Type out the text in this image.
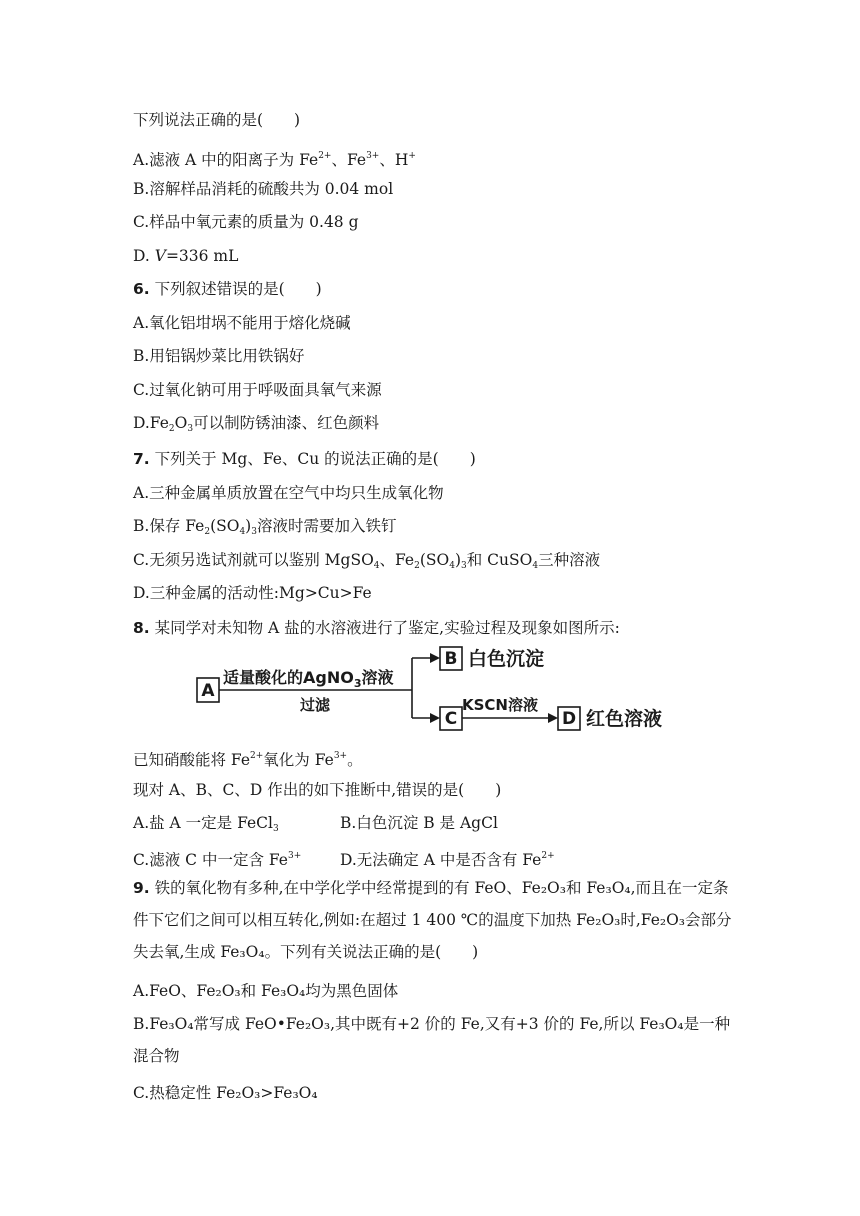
下列说法正确的是(　　)
A.滤液 A 中的阳离子为 $Fe^{2+}$、$Fe^{3+}$、H+
B.溶解样品消耗的硫酸共为 0.04 mol
C.样品中氧元素的质量为 0.48 g
D. V=336 mL
6. 下列叙述错误的是(　　)
A.氧化铝坩埚不能用于熔化烧碱
B.用铝锅炒菜比用铁锅好
C.过氧化钠可用于呼吸面具氧气来源
$D.Fe_2O_3$可以制防锈油漆、红色颜料
7. 下列关于 Mg、Fe、Cu 的说法正确的是(　　)
A.三种金属单质放置在空气中均只生成氧化物
B.保存 $Fe_2(SO_4)_3$溶液时需要加入铁钉
C.无须另选试剂就可以鉴别 MgSO$_4$、$Fe_2(SO_4)_3$和 CuSO$_4$三种溶液
D.三种金属的活动性:Mg>Cu>Fe
8. 某同学对未知物 A 盐的水溶液进行了鉴定,实验过程及现象如图所示:
A
适量酸化的AgNO$_3$溶液
过滤
B 白色沉淀
C
KSCN溶液
D 红色溶液
已知硝酸能将 $Fe^{2+}$氧化为 $Fe^{3+}$。
现对 A、B、C、D 作出的如下推断中,错误的是(　　)
A.盐 A 一定是 FeCl$_3$	B.白色沉淀 B 是 AgCl
C.滤液 C 中一定含 $Fe^{3+}$	D.无法确定 A 中是否含有 $Fe^{2+}$
9. 铁的氧化物有多种,在中学化学中经常提到的有 FeO、Fe₂O₃和 Fe₃O₄,而且在一定条件下它们之间可以相互转化,例如:在超过 1 400 ℃的温度下加热 Fe₂O₃时,Fe₂O₃会部分失去氧,生成 Fe₃O₄。下列有关说法正确的是(　　)
A.FeO、Fe₂O₃和 Fe₃O₄均为黑色固体
B.Fe₃O₄常写成 FeO•Fe₂O₃,其中既有+2 价的 Fe,又有+3 价的 Fe,所以 Fe₃O₄是一种混合物
C.热稳定性 Fe₂O₃>Fe₃O₄
